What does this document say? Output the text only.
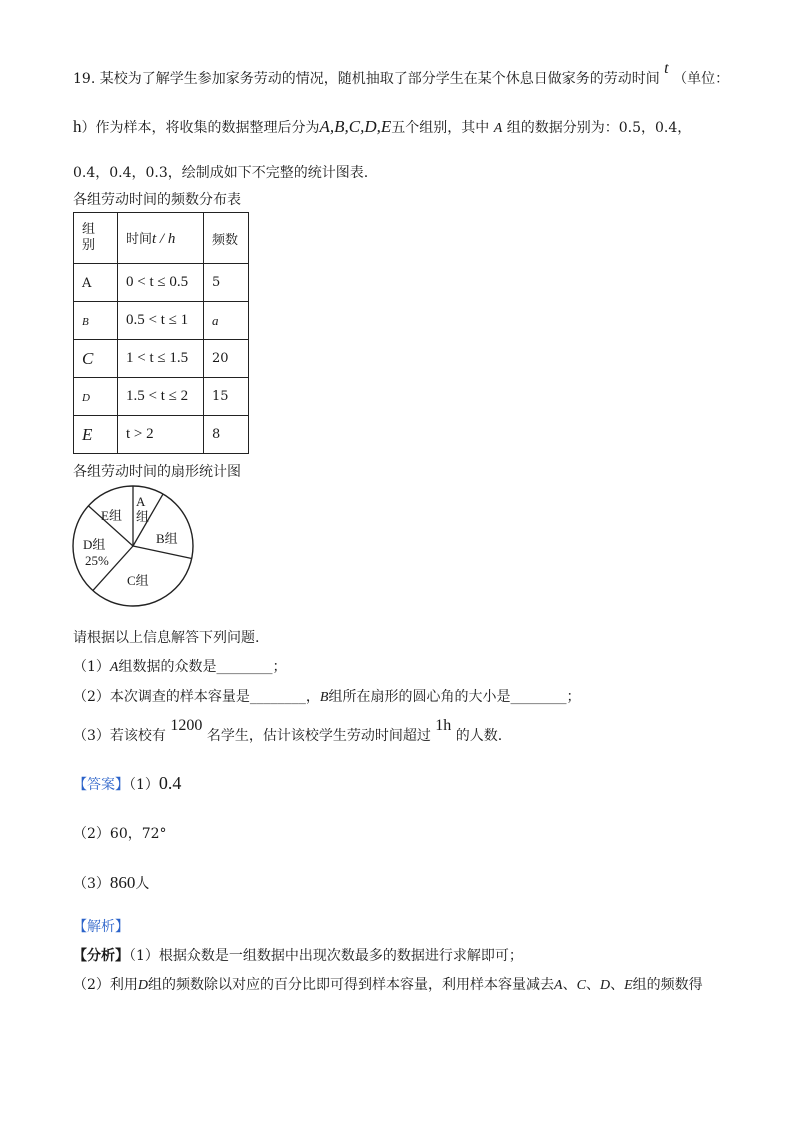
19. 某校为了解学生参加家务劳动的情况，随机抽取了部分学生在某个休息日做家务的劳动时间 t （单位：
h）作为样本，将收集的数据整理后分为A,B,C,D,E五个组别，其中 A 组的数据分别为：0.5，0.4，
0.4，0.4，0.3，绘制成如下不完整的统计图表.
各组劳动时间的频数分布表
组别	时间t / h	频数
A	0 < t ≤ 0.5	5
B	0.5 < t ≤ 1	a
C	1 < t ≤ 1.5	20
D	1.5 < t ≤ 2	15
E	t > 2	8
各组劳动时间的扇形统计图
E组
A
组
B组
C组
D组
25%
请根据以上信息解答下列问题.
（1）A组数据的众数是________；
（2）本次调查的样本容量是________，B组所在扇形的圆心角的大小是________；
（3）若该校有 1200 名学生，估计该校学生劳动时间超过 1h 的人数.
【答案】（1）0.4
（2）60，72°
（3）860人
【解析】
【分析】（1）根据众数是一组数据中出现次数最多的数据进行求解即可；
（2）利用D组的频数除以对应的百分比即可得到样本容量，利用样本容量减去A、C、D、E组的频数得
